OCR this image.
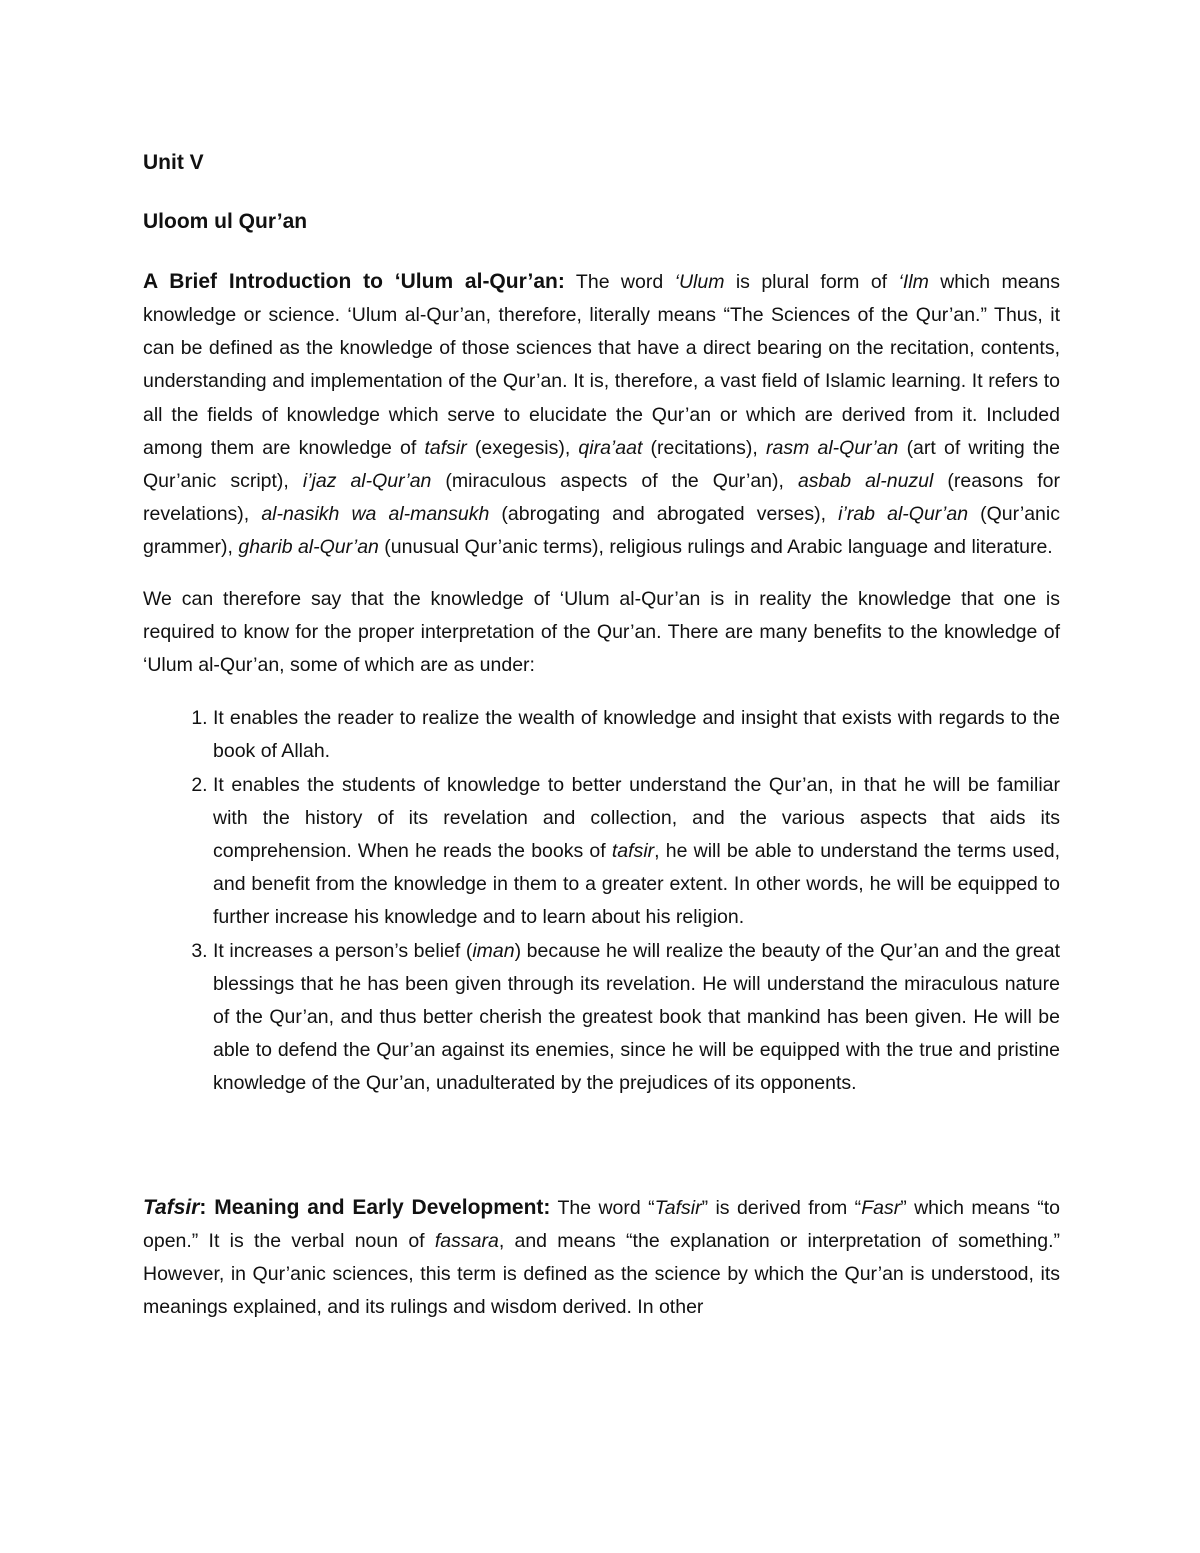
Unit V
Uloom ul Qur’an

A Brief Introduction to ‘Ulum al-Qur’an: The word ‘Ulum is plural form of ‘Ilm which means knowledge or science. ‘Ulum al-Qur’an, therefore, literally means “The Sciences of the Qur’an.” Thus, it can be defined as the knowledge of those sciences that have a direct bearing on the recitation, contents, understanding and implementation of the Qur’an. It is, therefore, a vast field of Islamic learning. It refers to all the fields of knowledge which serve to elucidate the Qur’an or which are derived from it. Included among them are knowledge of tafsir (exegesis), qira’aat (recitations), rasm al-Qur’an (art of writing the Qur’anic script), i’jaz al-Qur’an (miraculous aspects of the Qur’an), asbab al-nuzul (reasons for revelations), al-nasikh wa al-mansukh (abrogating and abrogated verses), i’rab al-Qur’an (Qur’anic grammer), gharib al-Qur’an (unusual Qur’anic terms), religious rulings and Arabic language and literature.

We can therefore say that the knowledge of ‘Ulum al-Qur’an is in reality the knowledge that one is required to know for the proper interpretation of the Qur’an. There are many benefits to the knowledge of ‘Ulum al-Qur’an, some of which are as under:

1. It enables the reader to realize the wealth of knowledge and insight that exists with regards to the book of Allah.
2. It enables the students of knowledge to better understand the Qur’an, in that he will be familiar with the history of its revelation and collection, and the various aspects that aids its comprehension. When he reads the books of tafsir, he will be able to understand the terms used, and benefit from the knowledge in them to a greater extent. In other words, he will be equipped to further increase his knowledge and to learn about his religion.
3. It increases a person’s belief (iman) because he will realize the beauty of the Qur’an and the great blessings that he has been given through its revelation. He will understand the miraculous nature of the Qur’an, and thus better cherish the greatest book that mankind has been given. He will be able to defend the Qur’an against its enemies, since he will be equipped with the true and pristine knowledge of the Qur’an, unadulterated by the prejudices of its opponents.

Tafsir: Meaning and Early Development: The word “Tafsir” is derived from “Fasr” which means “to open.” It is the verbal noun of fassara, and means “the explanation or interpretation of something.” However, in Qur’anic sciences, this term is defined as the science by which the Qur’an is understood, its meanings explained, and its rulings and wisdom derived. In other
